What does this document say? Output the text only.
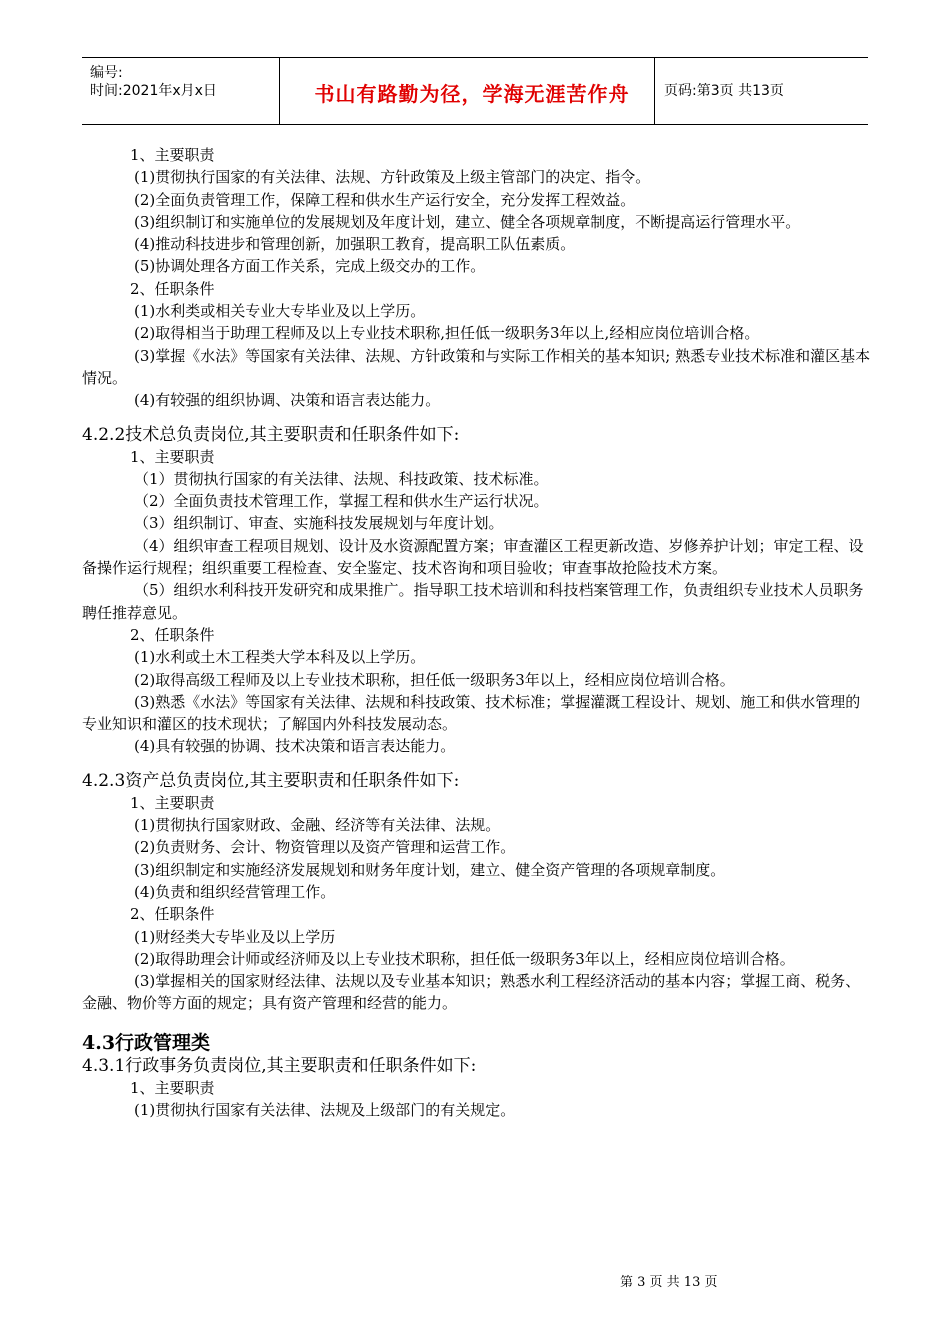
编号:
时间:2021年x月x日	书山有路勤为径，学海无涯苦作舟	页码:第3页 共13页

1、主要职责

(1)贯彻执行国家的有关法律、法规、方针政策及上级主管部门的决定、指令。

(2)全面负责管理工作，保障工程和供水生产运行安全，充分发挥工程效益。

(3)组织制订和实施单位的发展规划及年度计划，建立、健全各项规章制度，不断提高运行管理水平。

(4)推动科技进步和管理创新，加强职工教育，提高职工队伍素质。

(5)协调处理各方面工作关系，完成上级交办的工作。

2、任职条件

(1)水利类或相关专业大专毕业及以上学历。

(2)取得相当于助理工程师及以上专业技术职称,担任低一级职务3年以上,经相应岗位培训合格。

(3)掌握《水法》等国家有关法律、法规、方针政策和与实际工作相关的基本知识; 熟悉专业技术标准和灌区基本情况。

(4)有较强的组织协调、决策和语言表达能力。

4.2.2技术总负责岗位,其主要职责和任职条件如下:

1、主要职责

（1）贯彻执行国家的有关法律、法规、科技政策、技术标准。

（2）全面负责技术管理工作，掌握工程和供水生产运行状况。

（3）组织制订、审查、实施科技发展规划与年度计划。

（4）组织审查工程项目规划、设计及水资源配置方案；审查灌区工程更新改造、岁修养护计划；审定工程、设备操作运行规程；组织重要工程检查、安全鉴定、技术咨询和项目验收；审查事故抢险技术方案。

（5）组织水利科技开发研究和成果推广。指导职工技术培训和科技档案管理工作，负责组织专业技术人员职务聘任推荐意见。

2、任职条件

(1)水利或土木工程类大学本科及以上学历。

(2)取得高级工程师及以上专业技术职称，担任低一级职务3年以上，经相应岗位培训合格。

(3)熟悉《水法》等国家有关法律、法规和科技政策、技术标准；掌握灌溉工程设计、规划、施工和供水管理的专业知识和灌区的技术现状；了解国内外科技发展动态。

(4)具有较强的协调、技术决策和语言表达能力。

4.2.3资产总负责岗位,其主要职责和任职条件如下:

1、主要职责

(1)贯彻执行国家财政、金融、经济等有关法律、法规。

(2)负责财务、会计、物资管理以及资产管理和运营工作。

(3)组织制定和实施经济发展规划和财务年度计划，建立、健全资产管理的各项规章制度。

(4)负责和组织经营管理工作。

2、任职条件

(1)财经类大专毕业及以上学历

(2)取得助理会计师或经济师及以上专业技术职称，担任低一级职务3年以上，经相应岗位培训合格。

(3)掌握相关的国家财经法律、法规以及专业基本知识；熟悉水利工程经济活动的基本内容；掌握工商、税务、金融、物价等方面的规定；具有资产管理和经营的能力。

4.3行政管理类

4.3.1行政事务负责岗位,其主要职责和任职条件如下:

1、主要职责

(1)贯彻执行国家有关法律、法规及上级部门的有关规定。

第 3 页 共 13 页
